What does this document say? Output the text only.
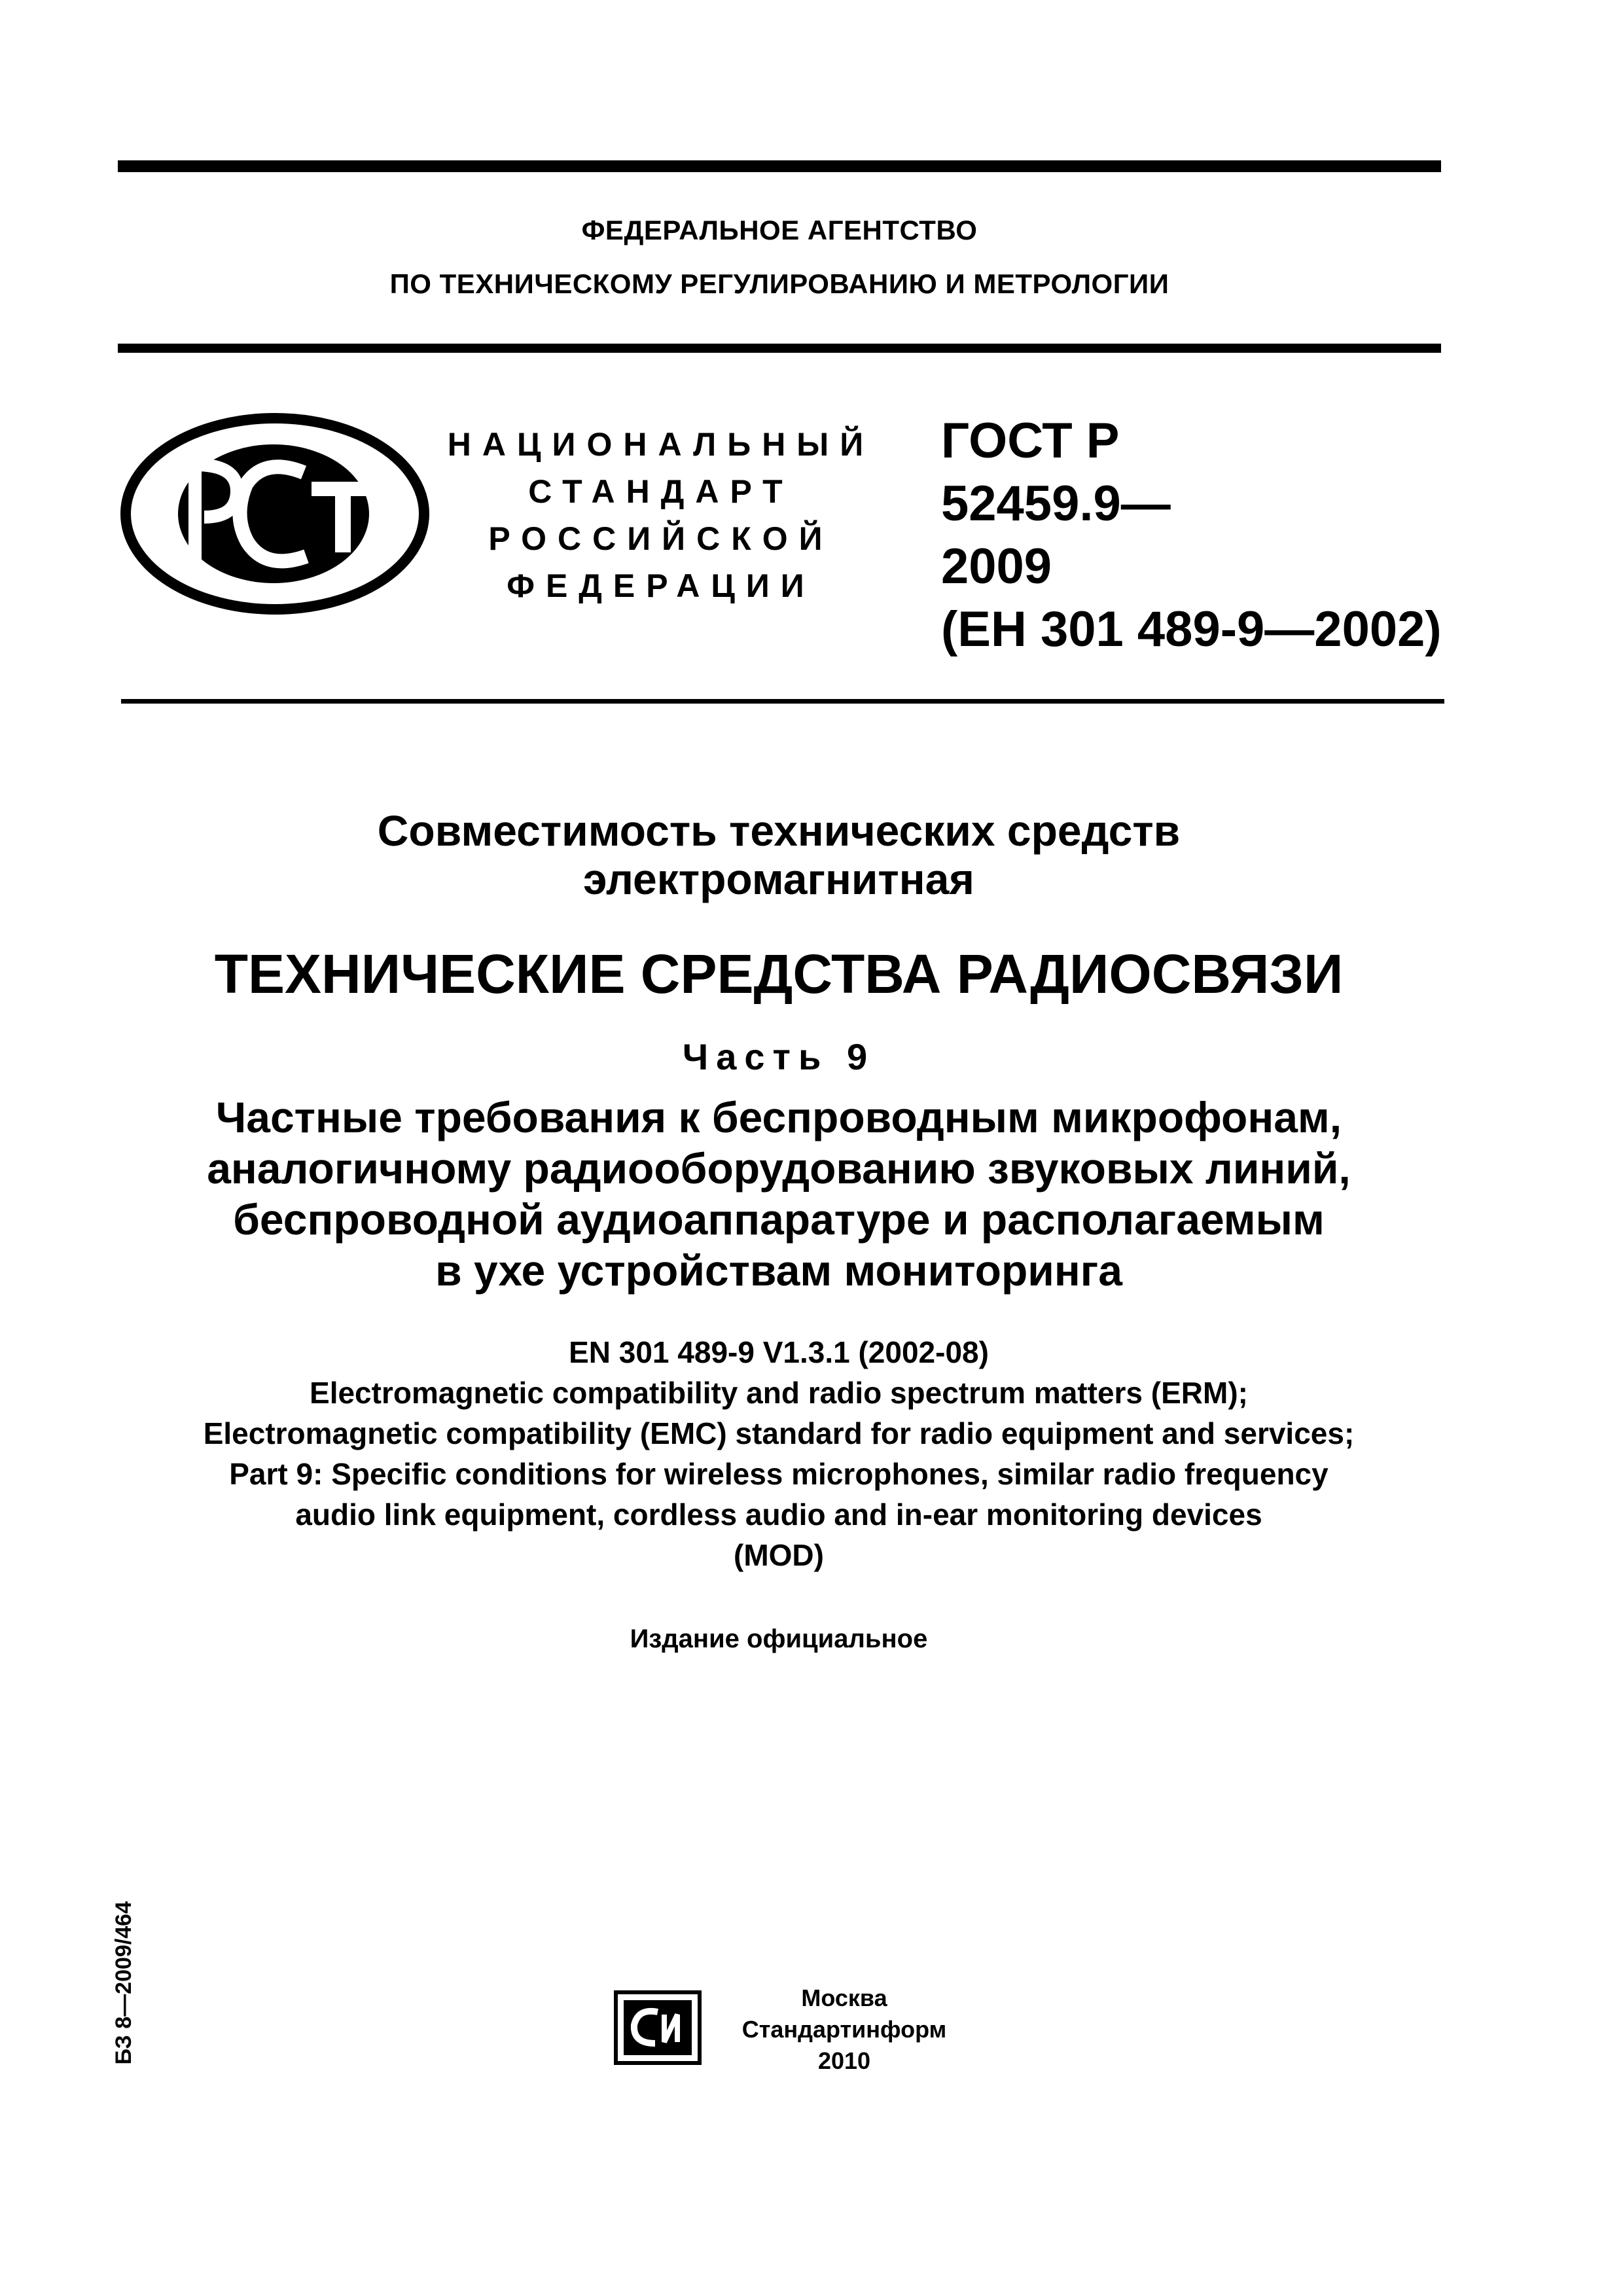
ФЕДЕРАЛЬНОЕ АГЕНТСТВО
ПО ТЕХНИЧЕСКОМУ РЕГУЛИРОВАНИЮ И МЕТРОЛОГИИ
НАЦИОНАЛЬНЫЙ
СТАНДАРТ
РОССИЙСКОЙ
ФЕДЕРАЦИИ
ГОСТ Р
52459.9—
2009
(ЕН 301 489-9—2002)
Совместимость технических средств
электромагнитная
ТЕХНИЧЕСКИЕ СРЕДСТВА РАДИОСВЯЗИ
Часть 9
Частные требования к беспроводным микрофонам,
аналогичному радиооборудованию звуковых линий,
беспроводной аудиоаппаратуре и располагаемым
в ухе устройствам мониторинга
EN 301 489-9 V1.3.1 (2002-08)
Electromagnetic compatibility and radio spectrum matters (ERM);
Electromagnetic compatibility (EMC) standard for radio equipment and services;
Part 9: Specific conditions for wireless microphones, similar radio frequency
audio link equipment, cordless audio and in-ear monitoring devices
(MOD)
Издание официальное
БЗ 8—2009/464	Москва
Стандартинформ
2010
